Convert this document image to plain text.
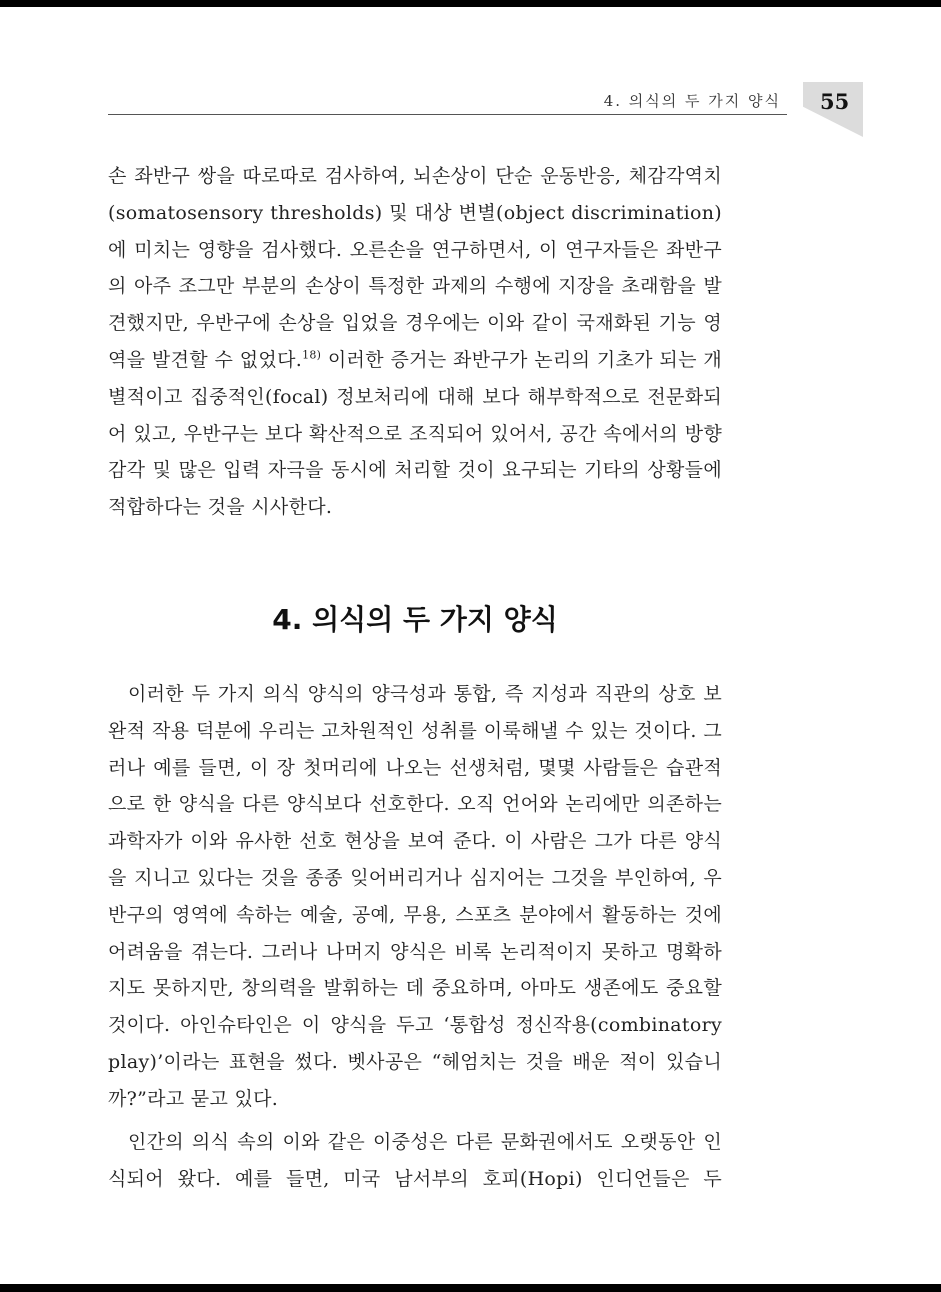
4. 의식의 두 가지 양식 55

손 좌반구 쌍을 따로따로 검사하여, 뇌손상이 단순 운동반응, 체감각역치(somatosensory thresholds) 및 대상 변별(object discrimination)에 미치는 영향을 검사했다. 오른손을 연구하면서, 이 연구자들은 좌반구의 아주 조그만 부분의 손상이 특정한 과제의 수행에 지장을 초래함을 발견했지만, 우반구에 손상을 입었을 경우에는 이와 같이 국재화된 기능 영역을 발견할 수 없었다.$^{18)}$ 이러한 증거는 좌반구가 논리의 기초가 되는 개별적이고 집중적인(focal) 정보처리에 대해 보다 해부학적으로 전문화되어 있고, 우반구는 보다 확산적으로 조직되어 있어서, 공간 속에서의 방향감각 및 많은 입력 자극을 동시에 처리할 것이 요구되는 기타의 상황들에 적합하다는 것을 시사한다.

4. 의식의 두 가지 양식

이러한 두 가지 의식 양식의 양극성과 통합, 즉 지성과 직관의 상호 보완적 작용 덕분에 우리는 고차원적인 성취를 이룩해낼 수 있는 것이다. 그러나 예를 들면, 이 장 첫머리에 나오는 선생처럼, 몇몇 사람들은 습관적으로 한 양식을 다른 양식보다 선호한다. 오직 언어와 논리에만 의존하는 과학자가 이와 유사한 선호 현상을 보여 준다. 이 사람은 그가 다른 양식을 지니고 있다는 것을 종종 잊어버리거나 심지어는 그것을 부인하여, 우반구의 영역에 속하는 예술, 공예, 무용, 스포츠 분야에서 활동하는 것에 어려움을 겪는다. 그러나 나머지 양식은 비록 논리적이지 못하고 명확하지도 못하지만, 창의력을 발휘하는 데 중요하며, 아마도 생존에도 중요할 것이다. 아인슈타인은 이 양식을 두고 ‘통합성 정신작용(combinatory play)’이라는 표현을 썼다. 벳사공은 “헤엄치는 것을 배운 적이 있습니까?”라고 묻고 있다.

인간의 의식 속의 이와 같은 이중성은 다른 문화권에서도 오랫동안 인식되어 왔다. 예를 들면, 미국 남서부의 호피(Hopi) 인디언들은 두
